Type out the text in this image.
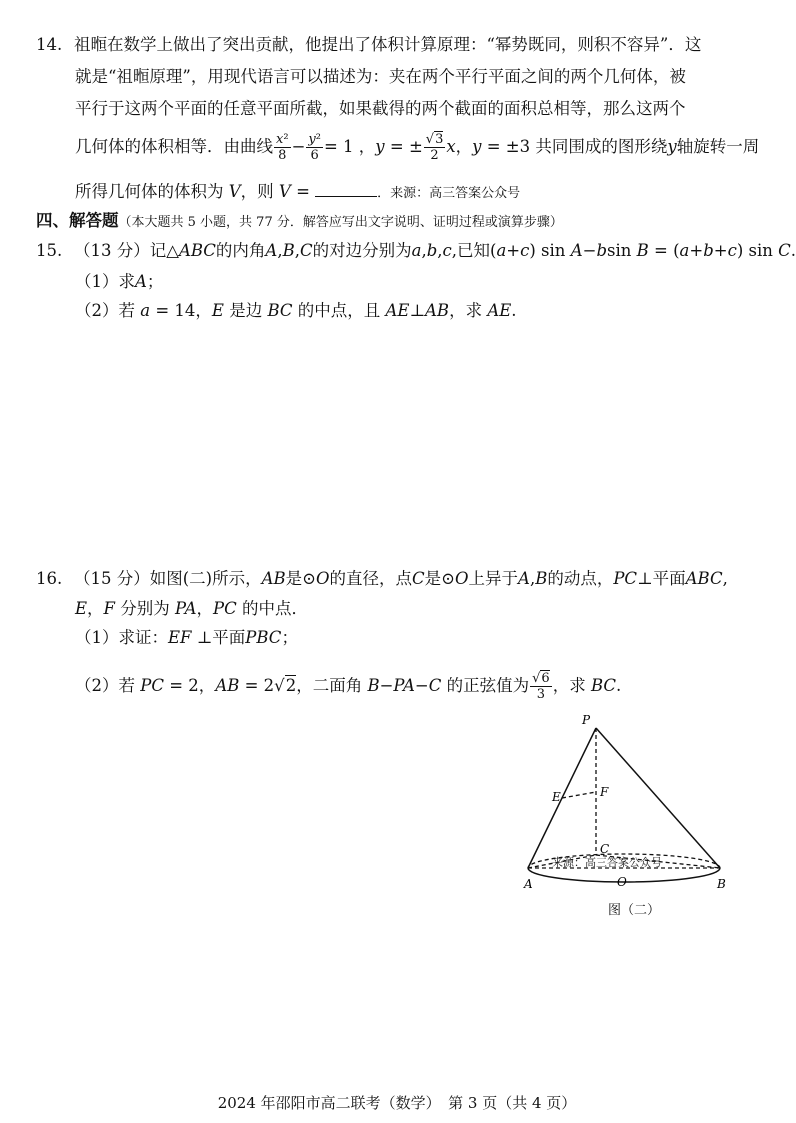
14. 祖暅在数学上做出了突出贡献，他提出了体积计算原理：“幂势既同，则积不容异”．这
就是“祖暅原理”，用现代语言可以描述为：夹在两个平行平面之间的两个几何体，被
平行于这两个平面的任意平面所截，如果截得的两个截面的面积总相等，那么这两个
几何体的体积相等．由曲线 $\frac{\text{x²}}{8} - \frac{\text{y²}}{6} = 1$ ，y = ± $\frac{√3}{2}$ x，y = ±3 共同围成的图形绕y轴旋转一周
所得几何体的体积为 V，则 V =	．来源：高三答案公众号
四、解答题（本大题共 5 小题，共 77 分．解答应写出文字说明、证明过程或演算步骤）
15. （13 分）记△ABC的内角A,B,C的对边分别为a,b,c,已知(a+c) sin A−bsin B = (a+b+c) sin C.
（1）求A；
（2）若 a = 14，E 是边 BC 的中点，且 AE⊥AB，求 AE.
16. （15 分）如图(二)所示，AB是⊙O的直径，点C是⊙O上异于A,B的动点，PC⊥平面ABC,
E，F 分别为 PA，PC 的中点．
（1）求证：EF ⊥平面PBC；
（2）若 PC = 2，AB = 2√2，二面角 B−PA−C 的正弦值为 $\frac{√6}{3}$ ，求 BC.
P
E	F
C
A	O	B
来源：高三答案公众号
图（二）
2024 年邵阳市高二联考（数学）　第 3 页（共 4 页）
